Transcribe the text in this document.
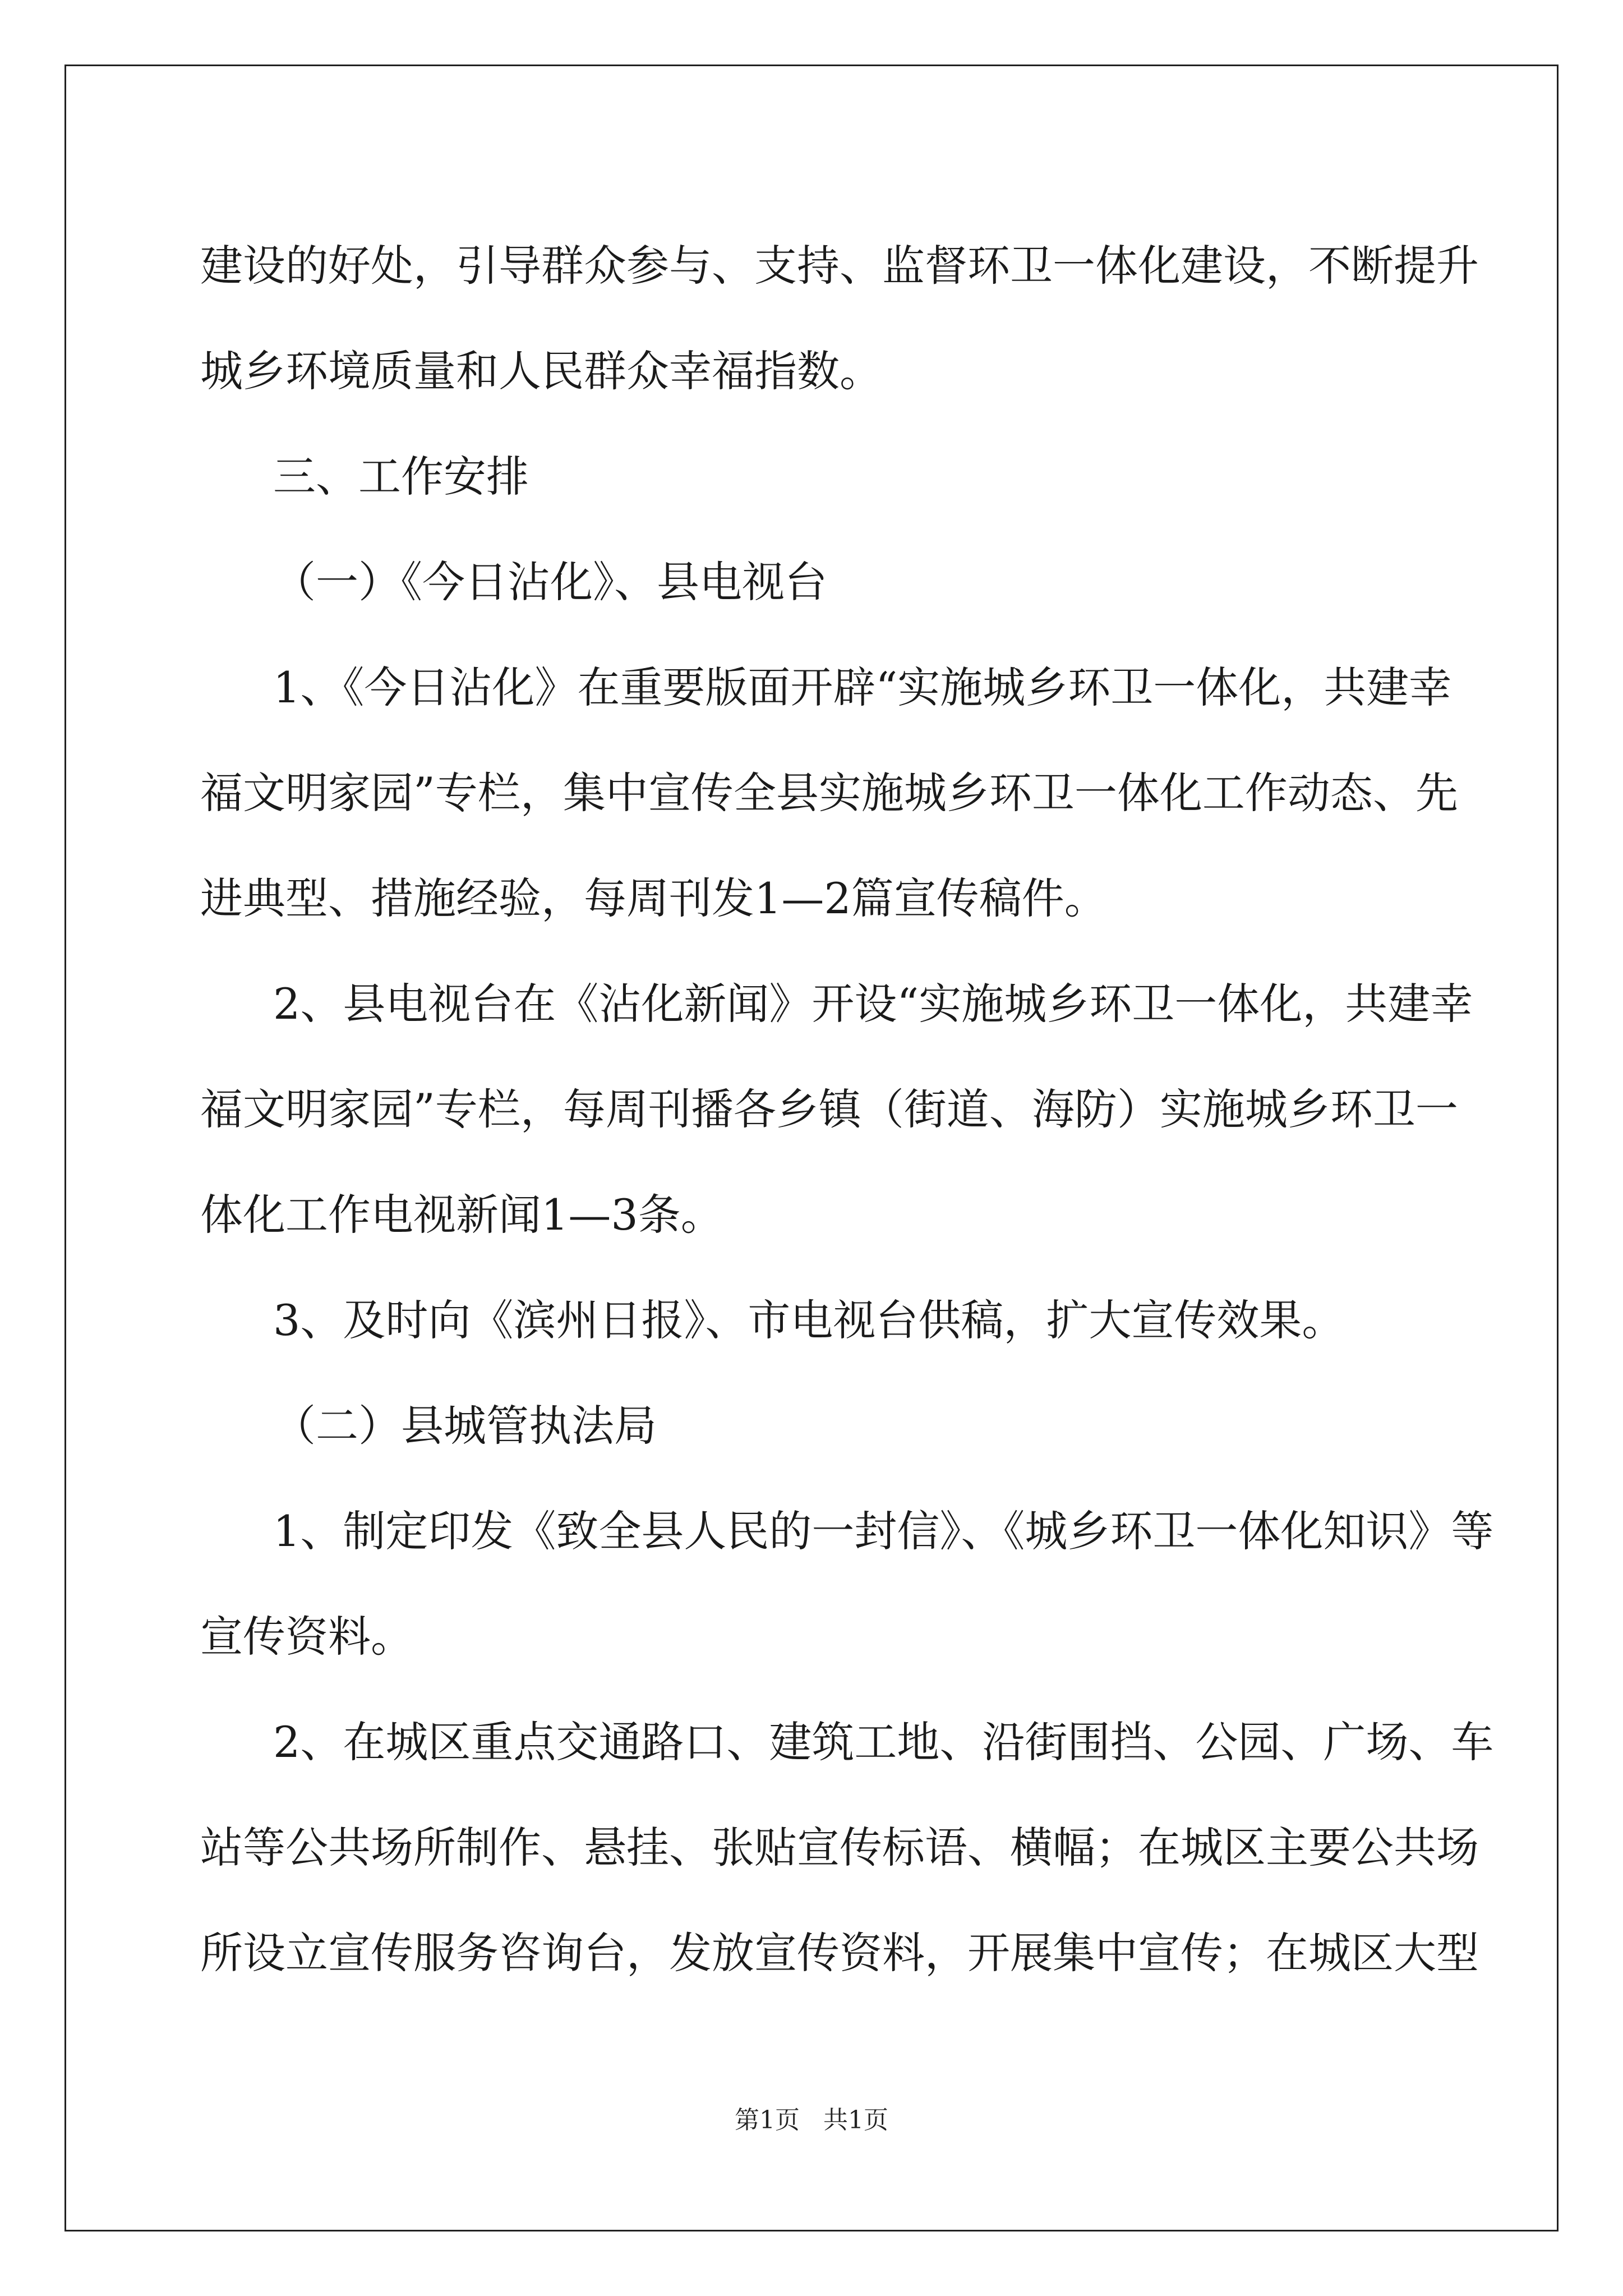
建设的好处，引导群众参与、支持、监督环卫一体化建设，不断提升
城乡环境质量和人民群众幸福指数。
三、工作安排
（一）《今日沾化》、县电视台
1、《今日沾化》在重要版面开辟“实施城乡环卫一体化，共建幸
福文明家园”专栏，集中宣传全县实施城乡环卫一体化工作动态、先
进典型、措施经验，每周刊发1—2篇宣传稿件。
2、县电视台在《沾化新闻》开设“实施城乡环卫一体化，共建幸
福文明家园”专栏，每周刊播各乡镇（街道、海防）实施城乡环卫一
体化工作电视新闻1—3条。
3、及时向《滨州日报》、市电视台供稿，扩大宣传效果。
（二）县城管执法局
1、制定印发《致全县人民的一封信》、《城乡环卫一体化知识》等
宣传资料。
2、在城区重点交通路口、建筑工地、沿街围挡、公园、广场、车
站等公共场所制作、悬挂、张贴宣传标语、横幅；在城区主要公共场
所设立宣传服务咨询台，发放宣传资料，开展集中宣传；在城区大型
第1页   共1页
